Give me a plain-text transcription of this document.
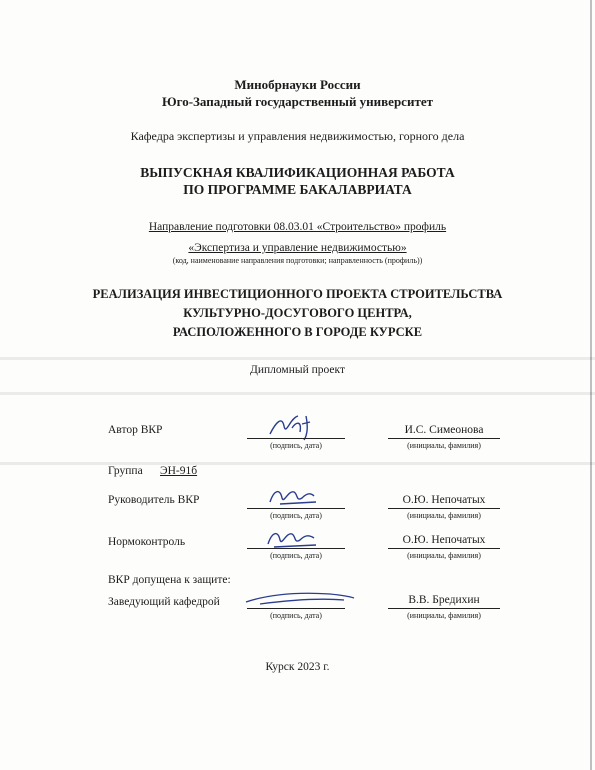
Минобрнауки России
Юго-Западный государственный университет
Кафедра экспертизы и управления недвижимостью, горного дела
ВЫПУСКНАЯ КВАЛИФИКАЦИОННАЯ РАБОТА
ПО ПРОГРАММЕ БАКАЛАВРИАТА
Направление подготовки 08.03.01 «Строительство» профиль
«Экспертиза и управление недвижимостью»
(код, наименование направления подготовки; направленность (профиль))
РЕАЛИЗАЦИЯ ИНВЕСТИЦИОННОГО ПРОЕКТА СТРОИТЕЛЬСТВА
КУЛЬТУРНО-ДОСУГОВОГО ЦЕНТРА,
РАСПОЛОЖЕННОГО В ГОРОДЕ КУРСКЕ
Дипломный проект
Автор ВКР
(подпись, дата)
И.С. Симеонова
(инициалы, фамилия)
Группа ЭН-91б
Руководитель ВКР
(подпись, дата)
О.Ю. Непочатых
(инициалы, фамилия)
Нормоконтроль
(подпись, дата)
О.Ю. Непочатых
(инициалы, фамилия)
ВКР допущена к защите:
Заведующий кафедрой
(подпись, дата)
В.В. Бредихин
(инициалы, фамилия)
Курск 2023 г.
